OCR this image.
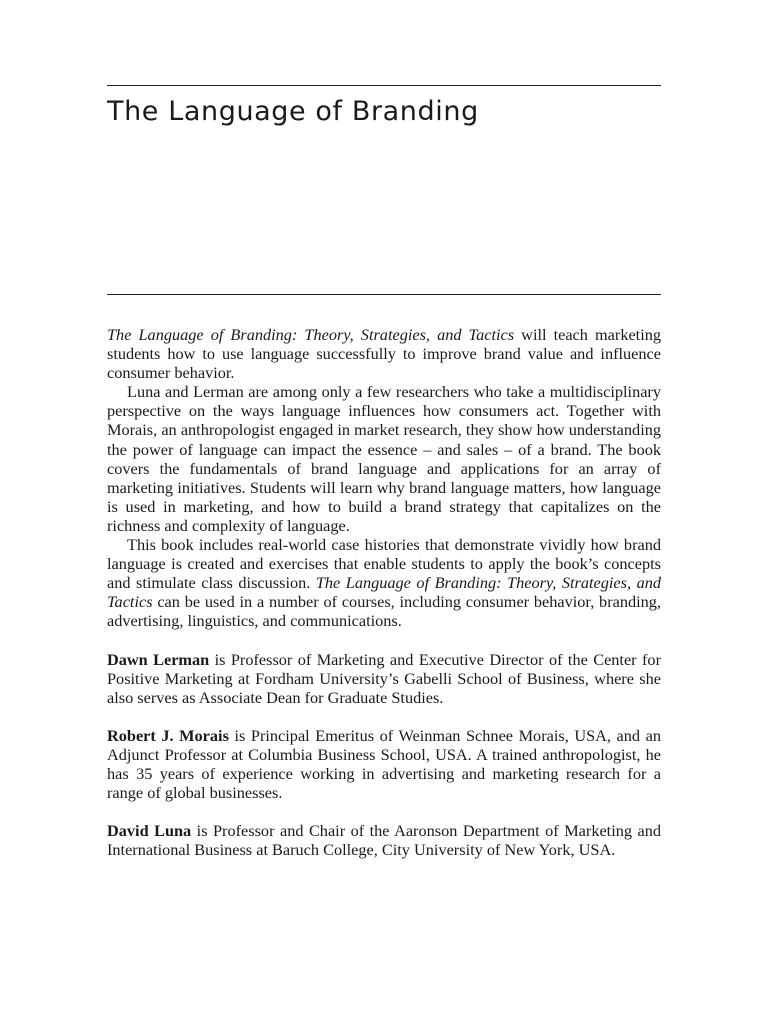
The Language of Branding

The Language of Branding: Theory, Strategies, and Tactics will teach marketing students how to use language successfully to improve brand value and influence consumer behavior.

Luna and Lerman are among only a few researchers who take a multidisciplinary perspective on the ways language influences how consumers act. Together with Morais, an anthropologist engaged in market research, they show how understanding the power of language can impact the essence – and sales – of a brand. The book covers the fundamentals of brand language and applications for an array of marketing initiatives. Students will learn why brand language matters, how language is used in marketing, and how to build a brand strategy that capitalizes on the richness and complexity of language.

This book includes real-world case histories that demonstrate vividly how brand language is created and exercises that enable students to apply the book’s concepts and stimulate class discussion. The Language of Branding: Theory, Strategies, and Tactics can be used in a number of courses, including consumer behavior, branding, advertising, linguistics, and communications.

Dawn Lerman is Professor of Marketing and Executive Director of the Center for Positive Marketing at Fordham University’s Gabelli School of Business, where she also serves as Associate Dean for Graduate Studies.

Robert J. Morais is Principal Emeritus of Weinman Schnee Morais, USA, and an Adjunct Professor at Columbia Business School, USA. A trained anthropologist, he has 35 years of experience working in advertising and marketing research for a range of global businesses.

David Luna is Professor and Chair of the Aaronson Department of Marketing and International Business at Baruch College, City University of New York, USA.
